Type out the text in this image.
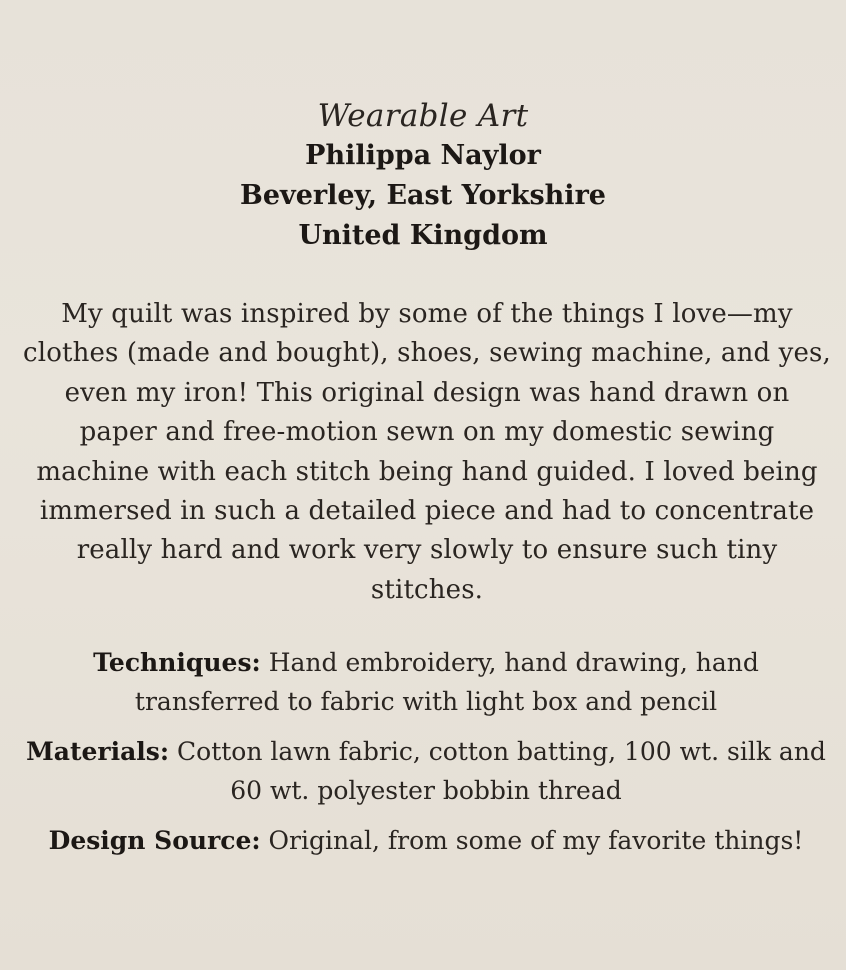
Wearable Art
Philippa Naylor
Beverley, East Yorkshire
United Kingdom
My quilt was inspired by some of the things I love—my clothes (made and bought), shoes, sewing machine, and yes, even my iron! This original design was hand drawn on paper and free-motion sewn on my domestic sewing machine with each stitch being hand guided. I loved being immersed in such a detailed piece and had to concentrate really hard and work very slowly to ensure such tiny stitches.
Techniques: Hand embroidery, hand drawing, hand transferred to fabric with light box and pencil
Materials: Cotton lawn fabric, cotton batting, 100 wt. silk and 60 wt. polyester bobbin thread
Design Source: Original, from some of my favorite things!
